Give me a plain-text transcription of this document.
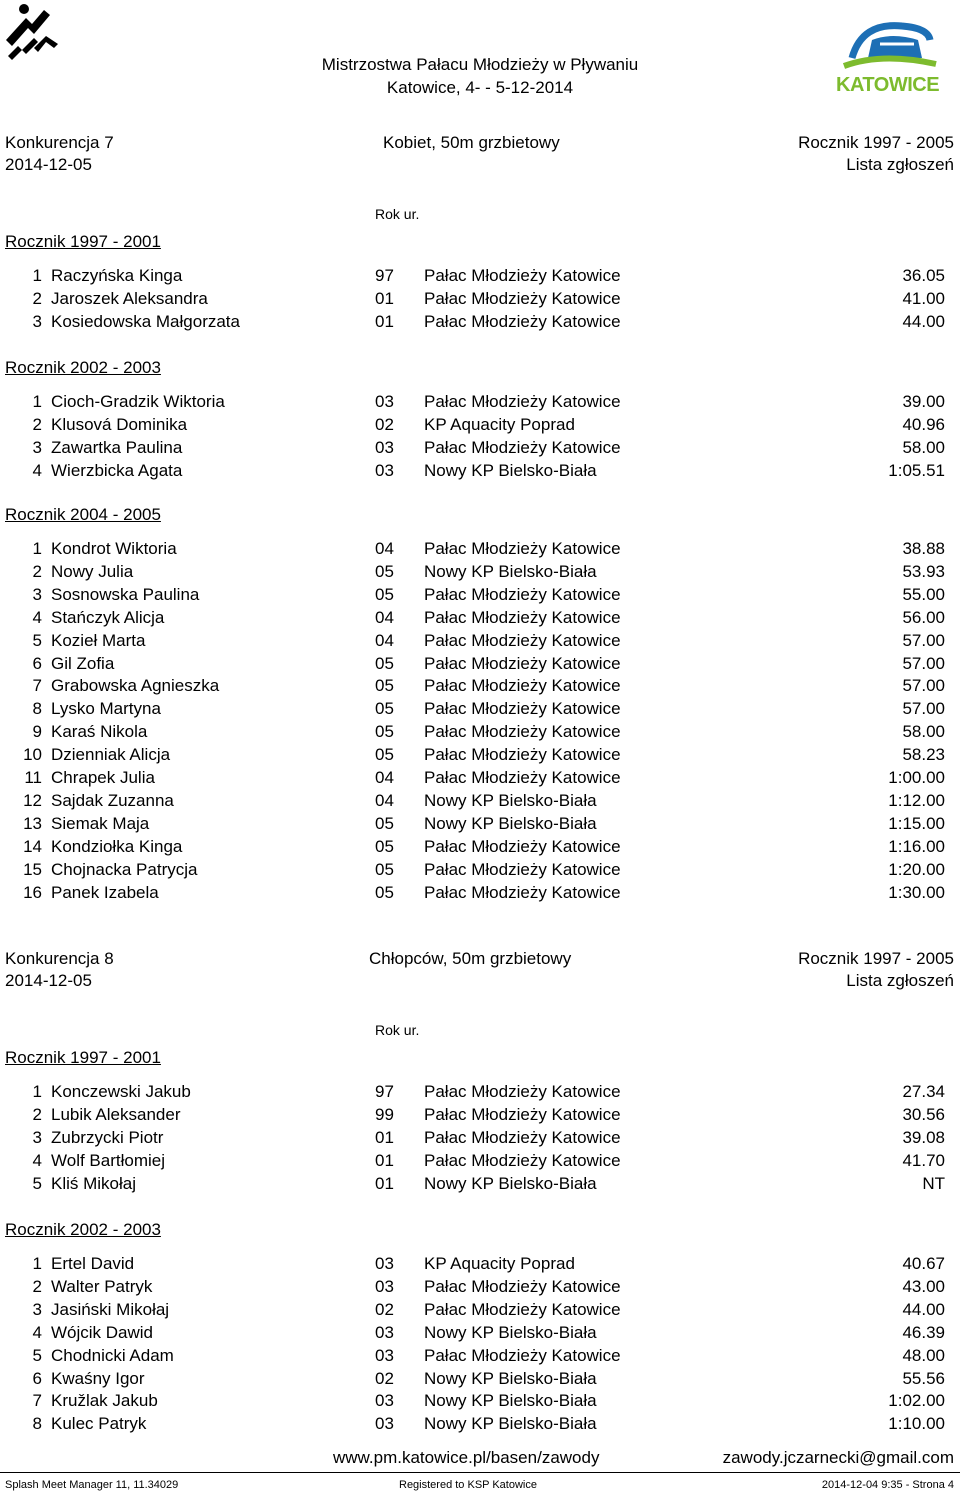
Mistrzostwa Pałacu Młodzieży w Pływaniu
Katowice, 4- - 5-12-2014	KATOWICE
Konkurencja 7	Kobiet, 50m grzbietowy	Rocznik 1997 - 2005
2014-12-05	Lista zgłoszeń
Rok ur.
Rocznik 1997 - 2001
1 Raczyńska Kinga	97 Pałac Młodzieży Katowice	36.05
2 Jaroszek Aleksandra	01 Pałac Młodzieży Katowice	41.00
3 Kosiedowska Małgorzata	01 Pałac Młodzieży Katowice	44.00
Rocznik 2002 - 2003
1 Cioch-Gradzik Wiktoria	03 Pałac Młodzieży Katowice	39.00
2 Klusová Dominika	02 KP Aquacity Poprad	40.96
3 Zawartka Paulina	03 Pałac Młodzieży Katowice	58.00
4 Wierzbicka Agata	03 Nowy KP Bielsko-Biała	1:05.51
Rocznik 2004 - 2005
1 Kondrot Wiktoria	04 Pałac Młodzieży Katowice	38.88
2 Nowy Julia	05 Nowy KP Bielsko-Biała	53.93
3 Sosnowska Paulina	05 Pałac Młodzieży Katowice	55.00
4 Stańczyk Alicja	04 Pałac Młodzieży Katowice	56.00
5 Kozieł Marta	04 Pałac Młodzieży Katowice	57.00
6 Gil Zofia	05 Pałac Młodzieży Katowice	57.00
7 Grabowska Agnieszka	05 Pałac Młodzieży Katowice	57.00
8 Lysko Martyna	05 Pałac Młodzieży Katowice	57.00
9 Karaś Nikola	05 Pałac Młodzieży Katowice	58.00
10 Dzienniak Alicja	05 Pałac Młodzieży Katowice	58.23
11 Chrapek Julia	04 Pałac Młodzieży Katowice	1:00.00
12 Sajdak Zuzanna	04 Nowy KP Bielsko-Biała	1:12.00
13 Siemak Maja	05 Nowy KP Bielsko-Biała	1:15.00
14 Kondziołka Kinga	05 Pałac Młodzieży Katowice	1:16.00
15 Chojnacka Patrycja	05 Pałac Młodzieży Katowice	1:20.00
16 Panek Izabela	05 Pałac Młodzieży Katowice	1:30.00
Konkurencja 8	Chłopców, 50m grzbietowy	Rocznik 1997 - 2005
2014-12-05	Lista zgłoszeń
Rok ur.
Rocznik 1997 - 2001
1 Konczewski Jakub	97 Pałac Młodzieży Katowice	27.34
2 Lubik Aleksander	99 Pałac Młodzieży Katowice	30.56
3 Zubrzycki Piotr	01 Pałac Młodzieży Katowice	39.08
4 Wolf Bartłomiej	01 Pałac Młodzieży Katowice	41.70
5 Kliś Mikołaj	01 Nowy KP Bielsko-Biała	NT
Rocznik 2002 - 2003
1 Ertel David	03 KP Aquacity Poprad	40.67
2 Walter Patryk	03 Pałac Młodzieży Katowice	43.00
3 Jasiński Mikołaj	02 Pałac Młodzieży Katowice	44.00
4 Wójcik Dawid	03 Nowy KP Bielsko-Biała	46.39
5 Chodnicki Adam	03 Pałac Młodzieży Katowice	48.00
6 Kwaśny Igor	02 Nowy KP Bielsko-Biała	55.56
7 Kružlak Jakub	03 Nowy KP Bielsko-Biała	1:02.00
8 Kulec Patryk	03 Nowy KP Bielsko-Biała	1:10.00
www.pm.katowice.pl/basen/zawody	zawody.jczarnecki@gmail.com
Splash Meet Manager 11, 11.34029	Registered to KSP Katowice	2014-12-04 9:35 - Strona 4
